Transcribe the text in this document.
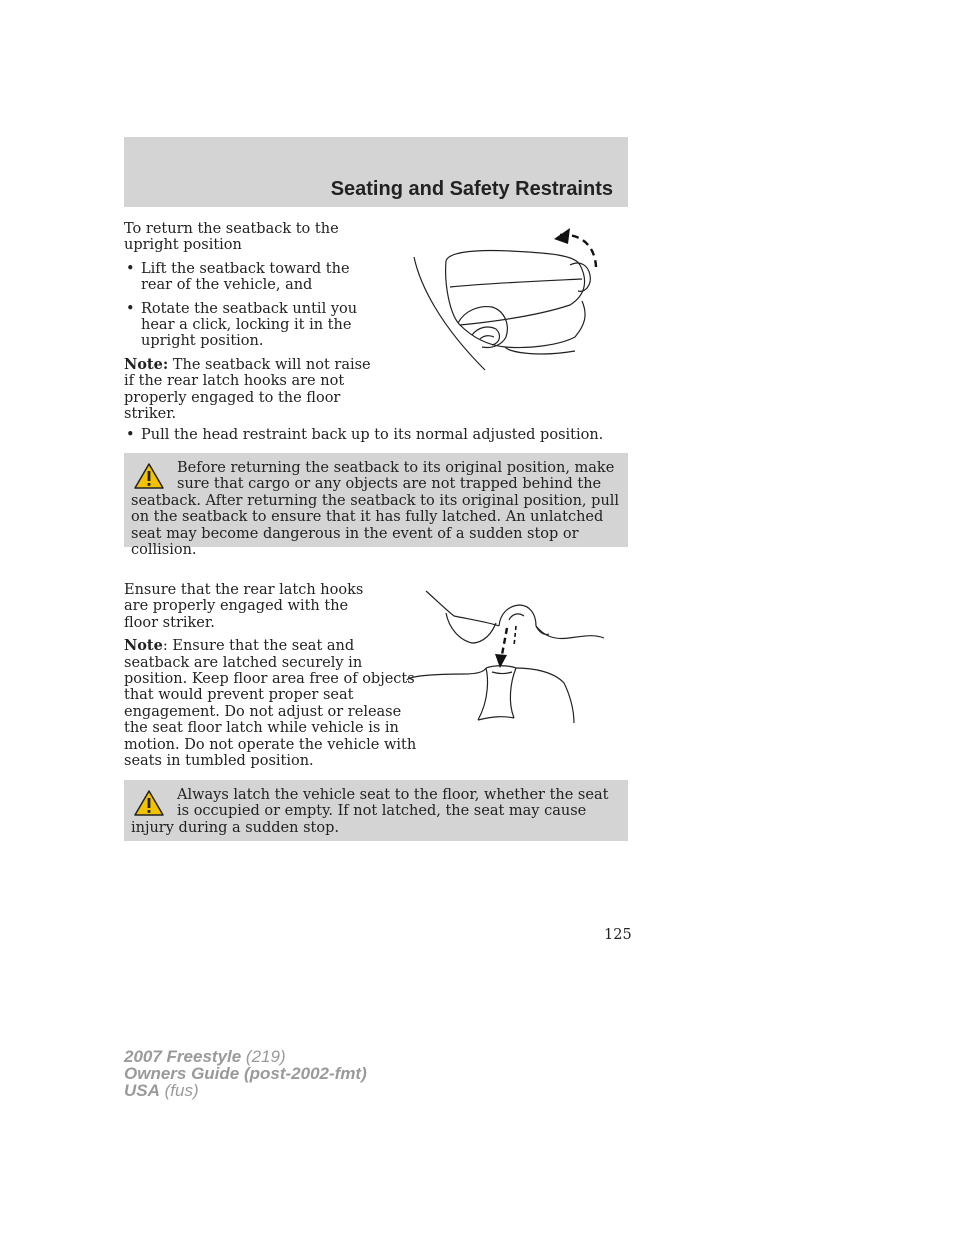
Seating and Safety Restraints

To return the seatback to the upright position

• Lift the seatback toward the rear of the vehicle, and
• Rotate the seatback until you hear a click, locking it in the upright position.

Note: The seatback will not raise if the rear latch hooks are not properly engaged to the floor striker.

• Pull the head restraint back up to its normal adjusted position.
Before returning the seatback to its original position, make sure that cargo or any objects are not trapped behind the seatback. After returning the seatback to its original position, pull on the seatback to ensure that it has fully latched. An unlatched seat may become dangerous in the event of a sudden stop or collision.

Ensure that the rear latch hooks are properly engaged with the floor striker.

Note: Ensure that the seat and seatback are latched securely in position. Keep floor area free of objects that would prevent proper seat engagement. Do not adjust or release the seat floor latch while vehicle is in motion. Do not operate the vehicle with seats in tumbled position.

Always latch the vehicle seat to the floor, whether the seat is occupied or empty. If not latched, the seat may cause injury during a sudden stop.
125
2007 Freestyle (219)
Owners Guide (post-2002-fmt)
USA (fus)
